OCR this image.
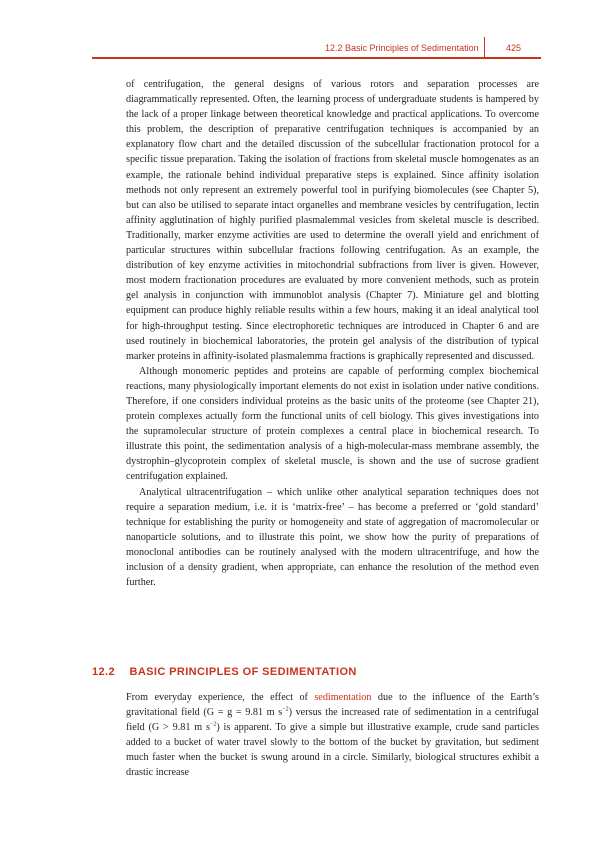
12.2 Basic Principles of Sedimentation	425

of centrifugation, the general designs of various rotors and separation processes are diagrammatically represented. Often, the learning process of undergraduate students is hampered by the lack of a proper linkage between theoretical knowledge and practical applications. To overcome this problem, the description of preparative centrifugation techniques is accompanied by an explanatory flow chart and the detailed discussion of the subcellular fractionation protocol for a specific tissue preparation. Taking the isolation of fractions from skeletal muscle homogenates as an example, the rationale behind individual preparative steps is explained. Since affinity isolation methods not only represent an extremely powerful tool in purifying biomolecules (see Chapter 5), but can also be utilised to separate intact organelles and membrane vesicles by centrifugation, lectin affinity agglutination of highly purified plasmalemmal vesicles from skeletal muscle is described. Traditionally, marker enzyme activities are used to determine the overall yield and enrichment of particular structures within subcellular fractions following centrifugation. As an example, the distribution of key enzyme activities in mitochondrial subfractions from liver is given. However, most modern fractionation procedures are evaluated by more convenient methods, such as protein gel analysis in conjunction with immunoblot analysis (Chapter 7). Miniature gel and blotting equipment can produce highly reliable results within a few hours, making it an ideal analytical tool for high-throughput testing. Since electrophoretic techniques are introduced in Chapter 6 and are used routinely in biochemical laboratories, the protein gel analysis of the distribution of typical marker proteins in affinity-isolated plasmalemma fractions is graphically represented and discussed.

Although monomeric peptides and proteins are capable of performing complex biochemical reactions, many physiologically important elements do not exist in isolation under native conditions. Therefore, if one considers individual proteins as the basic units of the proteome (see Chapter 21), protein complexes actually form the functional units of cell biology. This gives investigations into the supramolecular structure of protein complexes a central place in biochemical research. To illustrate this point, the sedimentation analysis of a high-molecular-mass membrane assembly, the dystrophin–glycoprotein complex of skeletal muscle, is shown and the use of sucrose gradient centrifugation explained.

Analytical ultracentrifugation – which unlike other analytical separation techniques does not require a separation medium, i.e. it is ‘matrix-free’ – has become a preferred or ‘gold standard’ technique for establishing the purity or homogeneity and state of aggregation of macromolecular or nanoparticle solutions, and to illustrate this point, we show how the purity of preparations of monoclonal antibodies can be routinely analysed with the modern ultracentrifuge, and how the inclusion of a density gradient, when appropriate, can enhance the resolution of the method even further.

12.2 BASIC PRINCIPLES OF SEDIMENTATION
From everyday experience, the effect of sedimentation due to the influence of the Earth’s gravitational field (G = g = 9.81 m $s^{-2}$) versus the increased rate of sedimentation in a centrifugal field (G > 9.81 m $s^{-2}$) is apparent. To give a simple but illustrative example, crude sand particles added to a bucket of water travel slowly to the bottom of the bucket by gravitation, but sediment much faster when the bucket is swung around in a circle. Similarly, biological structures exhibit a drastic increase
